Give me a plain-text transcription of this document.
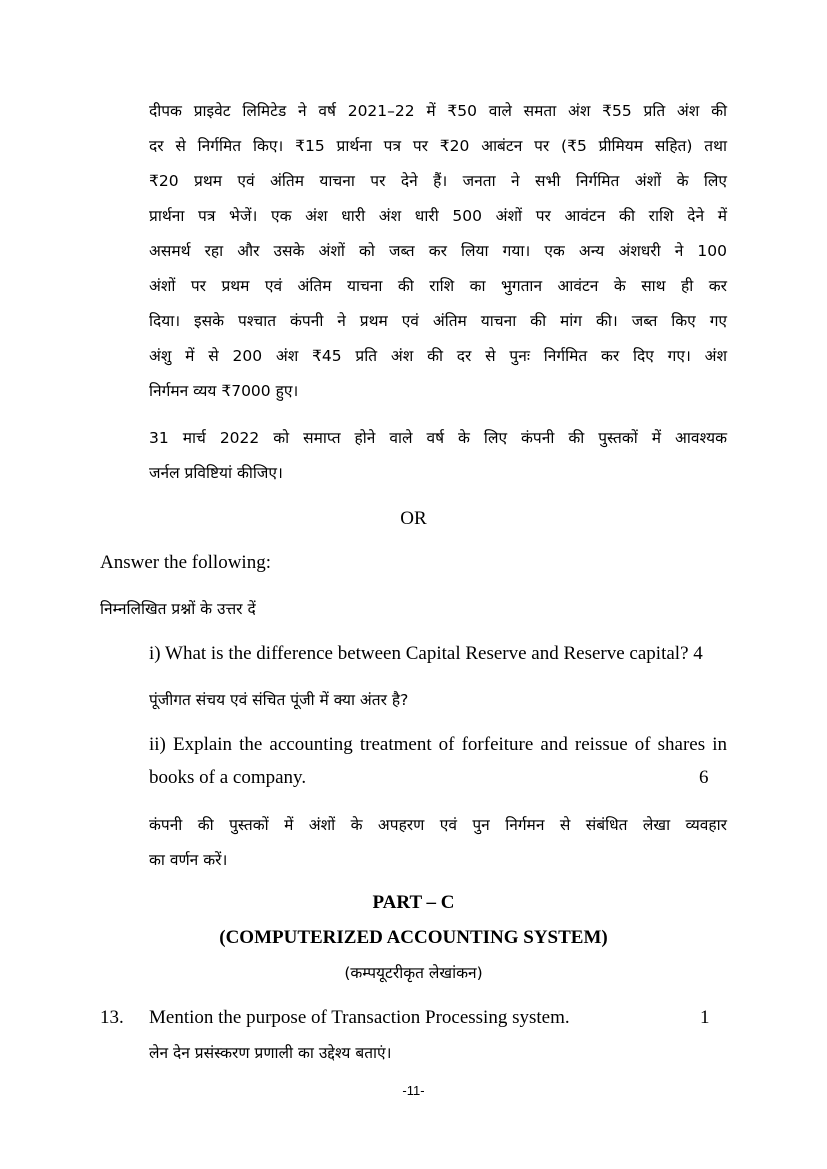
दीपक प्राइवेट लिमिटेड ने वर्ष 2021–22 में ₹50 वाले समता अंश ₹55 प्रति अंश की
दर से निर्गमित किए। ₹15 प्रार्थना पत्र पर ₹20 आबंटन पर (₹5 प्रीमियम सहित) तथा
₹20 प्रथम एवं अंतिम याचना पर देने हैं। जनता ने सभी निर्गमित अंशों के लिए
प्रार्थना पत्र भेजें। एक अंश धारी अंश धारी 500 अंशों पर आवंटन की राशि देने में
असमर्थ रहा और उसके अंशों को जब्त कर लिया गया। एक अन्य अंशधरी ने 100
अंशों पर प्रथम एवं अंतिम याचना की राशि का भुगतान आवंटन के साथ ही कर
दिया। इसके पश्चात कंपनी ने प्रथम एवं अंतिम याचना की मांग की। जब्त किए गए
अंशु में से 200 अंश ₹45 प्रति अंश की दर से पुनः निर्गमित कर दिए गए। अंश
निर्गमन व्यय ₹7000 हुए।
31 मार्च 2022 को समाप्त होने वाले वर्ष के लिए कंपनी की पुस्तकों में आवश्यक
जर्नल प्रविष्टियां कीजिए।
OR
Answer the following:
निम्नलिखित प्रश्नों के उत्तर दें
i) What is the difference between Capital Reserve and Reserve capital? 4
पूंजीगत संचय एवं संचित पूंजी में क्या अंतर है?
ii) Explain the accounting treatment of forfeiture and reissue of shares in
books of a company.	6
कंपनी की पुस्तकों में अंशों के अपहरण एवं पुन निर्गमन से संबंधित लेखा व्यवहार
का वर्णन करें।
PART – C
(COMPUTERIZED ACCOUNTING SYSTEM)
(कम्पयूटरीकृत लेखांकन)
13. Mention the purpose of Transaction Processing system.	1
लेन देन प्रसंस्करण प्रणाली का उद्देश्य बताएं।
-11-
